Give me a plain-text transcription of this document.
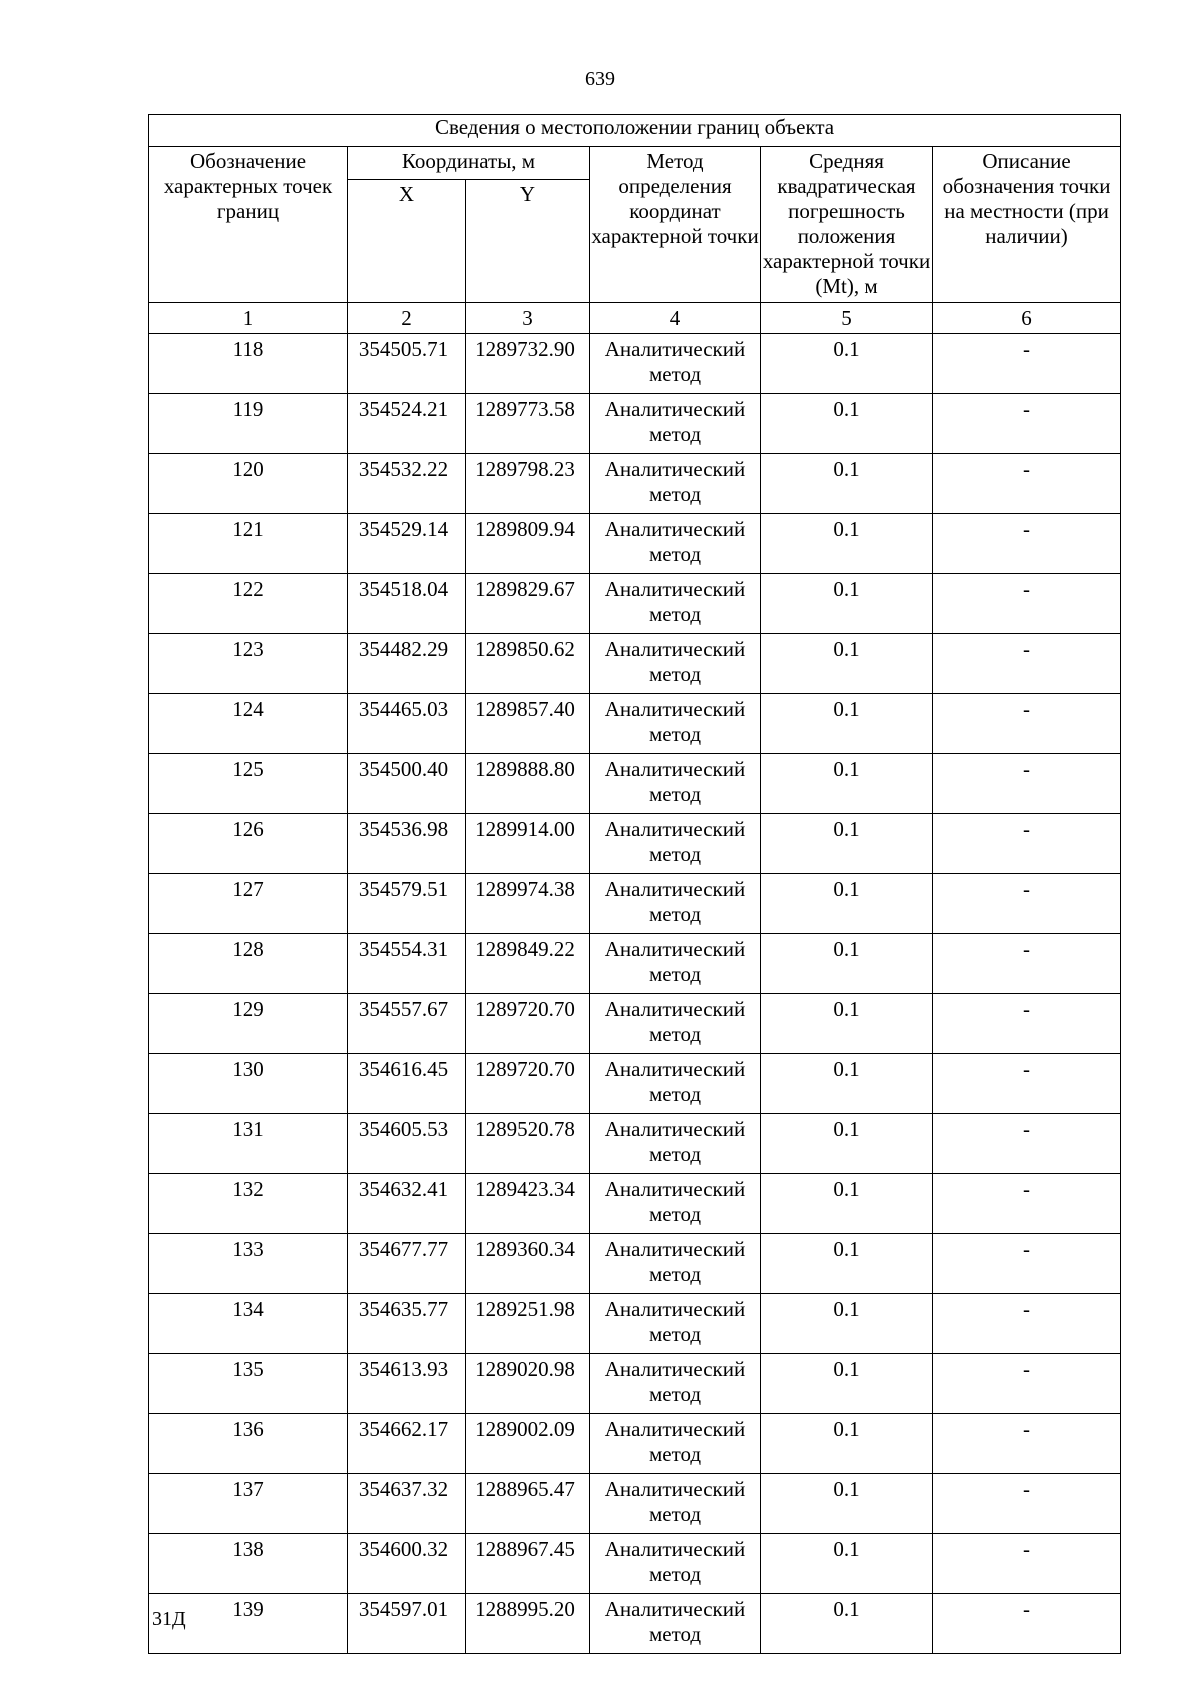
639
Сведения о местоположении границ объекта					
Обозначение характерных точек границ	Координаты, м		Метод определения координат характерной точки	Средняя квадратическая погрешность положения характерной точки (Mt), м	Описание обозначения точки на местности (при наличии)
	X	Y			
1	2	3	4	5	6
118	354505.71	1289732.90	Аналитический метод	0.1	-
119	354524.21	1289773.58	Аналитический метод	0.1	-
120	354532.22	1289798.23	Аналитический метод	0.1	-
121	354529.14	1289809.94	Аналитический метод	0.1	-
122	354518.04	1289829.67	Аналитический метод	0.1	-
123	354482.29	1289850.62	Аналитический метод	0.1	-
124	354465.03	1289857.40	Аналитический метод	0.1	-
125	354500.40	1289888.80	Аналитический метод	0.1	-
126	354536.98	1289914.00	Аналитический метод	0.1	-
127	354579.51	1289974.38	Аналитический метод	0.1	-
128	354554.31	1289849.22	Аналитический метод	0.1	-
129	354557.67	1289720.70	Аналитический метод	0.1	-
130	354616.45	1289720.70	Аналитический метод	0.1	-
131	354605.53	1289520.78	Аналитический метод	0.1	-
132	354632.41	1289423.34	Аналитический метод	0.1	-
133	354677.77	1289360.34	Аналитический метод	0.1	-
134	354635.77	1289251.98	Аналитический метод	0.1	-
135	354613.93	1289020.98	Аналитический метод	0.1	-
136	354662.17	1289002.09	Аналитический метод	0.1	-
137	354637.32	1288965.47	Аналитический метод	0.1	-
138	354600.32	1288967.45	Аналитический метод	0.1	-
139	354597.01	1288995.20	Аналитический метод	0.1	-
31Д
